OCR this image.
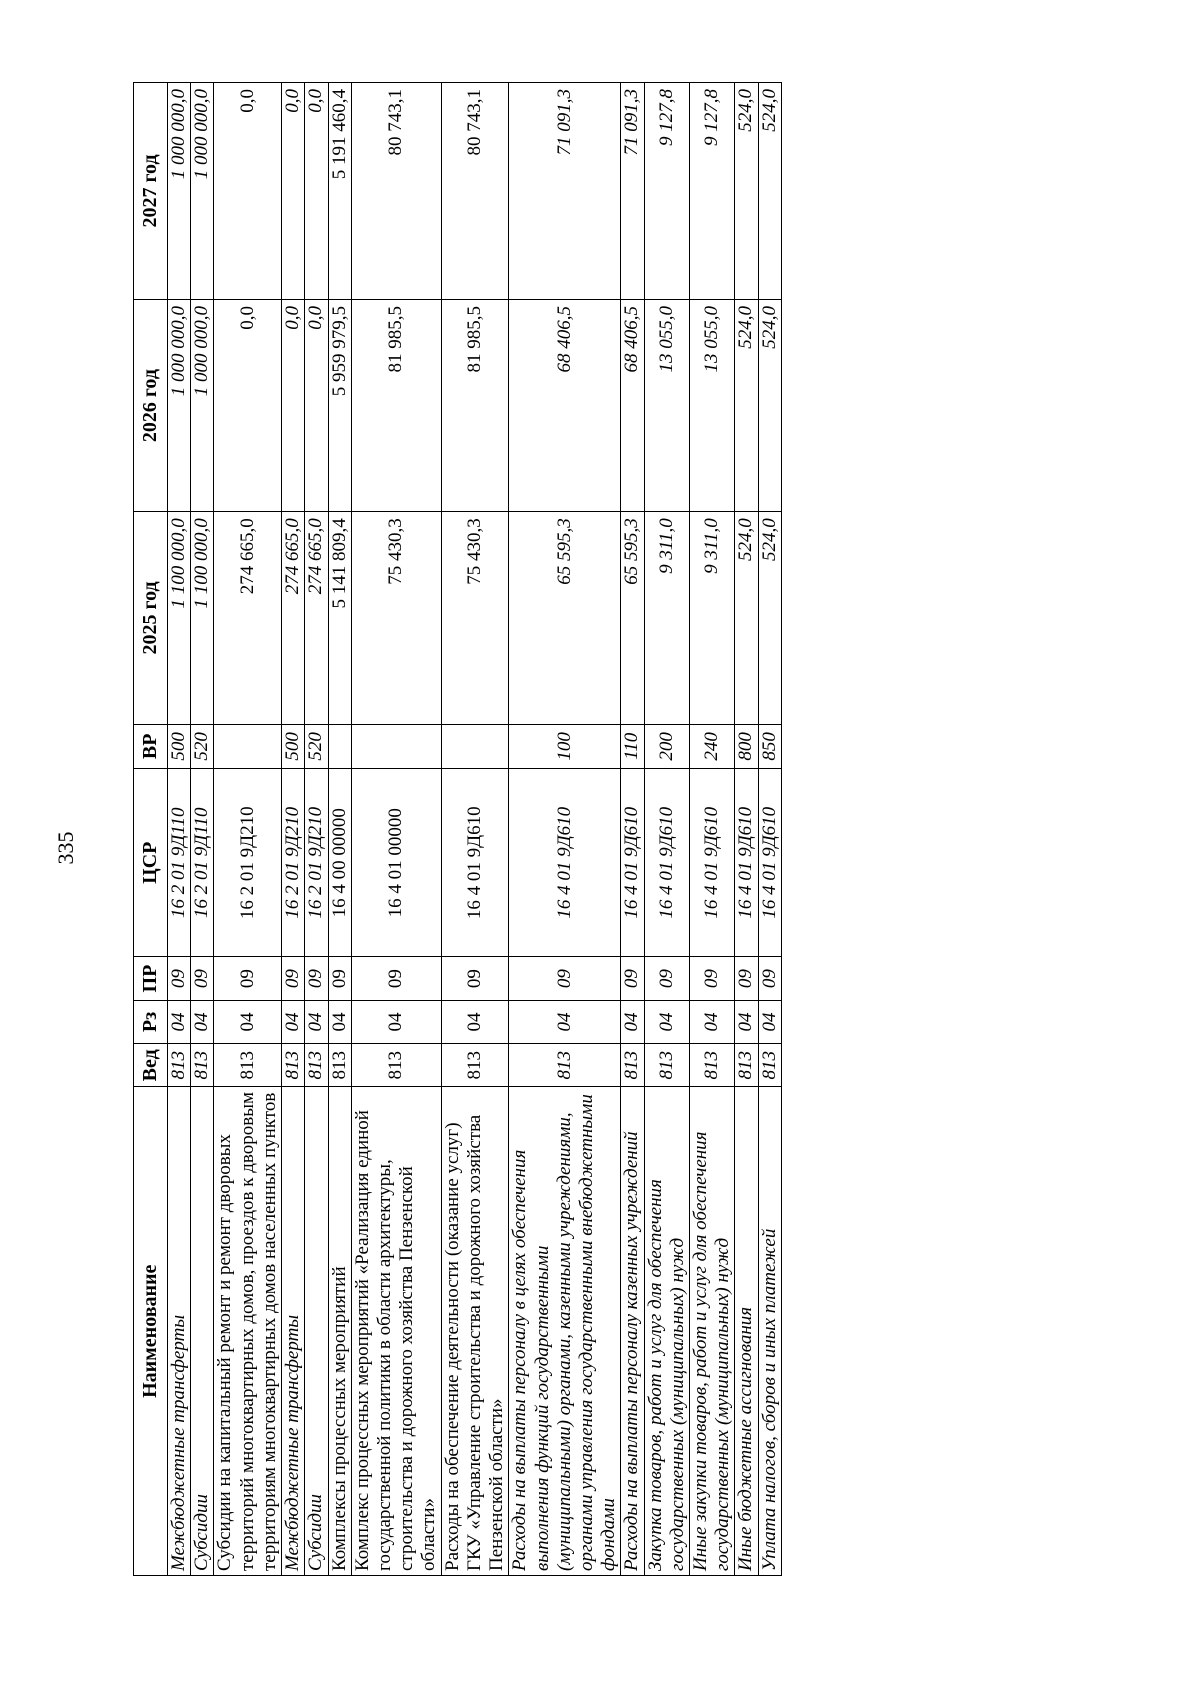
335
Наименование	Вед	Рз	ПР	ЦСР	ВР	2025 год	2026 год	2027 год
Межбюджетные трансферты	813	04	09	16 2 01 9Д110	500	1 100 000,0	1 000 000,0	1 000 000,0
Субсидии	813	04	09	16 2 01 9Д110	520	1 100 000,0	1 000 000,0	1 000 000,0
Субсидии на капитальный ремонт и ремонт дворовых территорий многоквартирных домов, проездов к дворовым территориям многоквартирных домов населенных пунктов	813	04	09	16 2 01 9Д210		274 665,0	0,0	0,0
Межбюджетные трансферты	813	04	09	16 2 01 9Д210	500	274 665,0	0,0	0,0
Субсидии	813	04	09	16 2 01 9Д210	520	274 665,0	0,0	0,0
Комплексы процессных мероприятий	813	04	09	16 4 00 00000		5 141 809,4	5 959 979,5	5 191 460,4
Комплекс процессных мероприятий «Реализация единой государственной политики в области архитектуры, строительства и дорожного хозяйства Пензенской области»	813	04	09	16 4 01 00000		75 430,3	81 985,5	80 743,1
Расходы на обеспечение деятельности (оказание услуг) ГКУ «Управление строительства и дорожного хозяйства Пензенской области»	813	04	09	16 4 01 9Д610		75 430,3	81 985,5	80 743,1
Расходы на выплаты персоналу в целях обеспечения выполнения функций государственными (муниципальными) органами, казенными учреждениями, органами управления государственными внебюджетными фондами	813	04	09	16 4 01 9Д610	100	65 595,3	68 406,5	71 091,3
Расходы на выплаты персоналу казенных учреждений	813	04	09	16 4 01 9Д610	110	65 595,3	68 406,5	71 091,3
Закупка товаров, работ и услуг для обеспечения государственных (муниципальных) нужд	813	04	09	16 4 01 9Д610	200	9 311,0	13 055,0	9 127,8
Иные закупки товаров, работ и услуг для обеспечения государственных (муниципальных) нужд	813	04	09	16 4 01 9Д610	240	9 311,0	13 055,0	9 127,8
Иные бюджетные ассигнования	813	04	09	16 4 01 9Д610	800	524,0	524,0	524,0
Уплата налогов, сборов и иных платежей	813	04	09	16 4 01 9Д610	850	524,0	524,0	524,0
